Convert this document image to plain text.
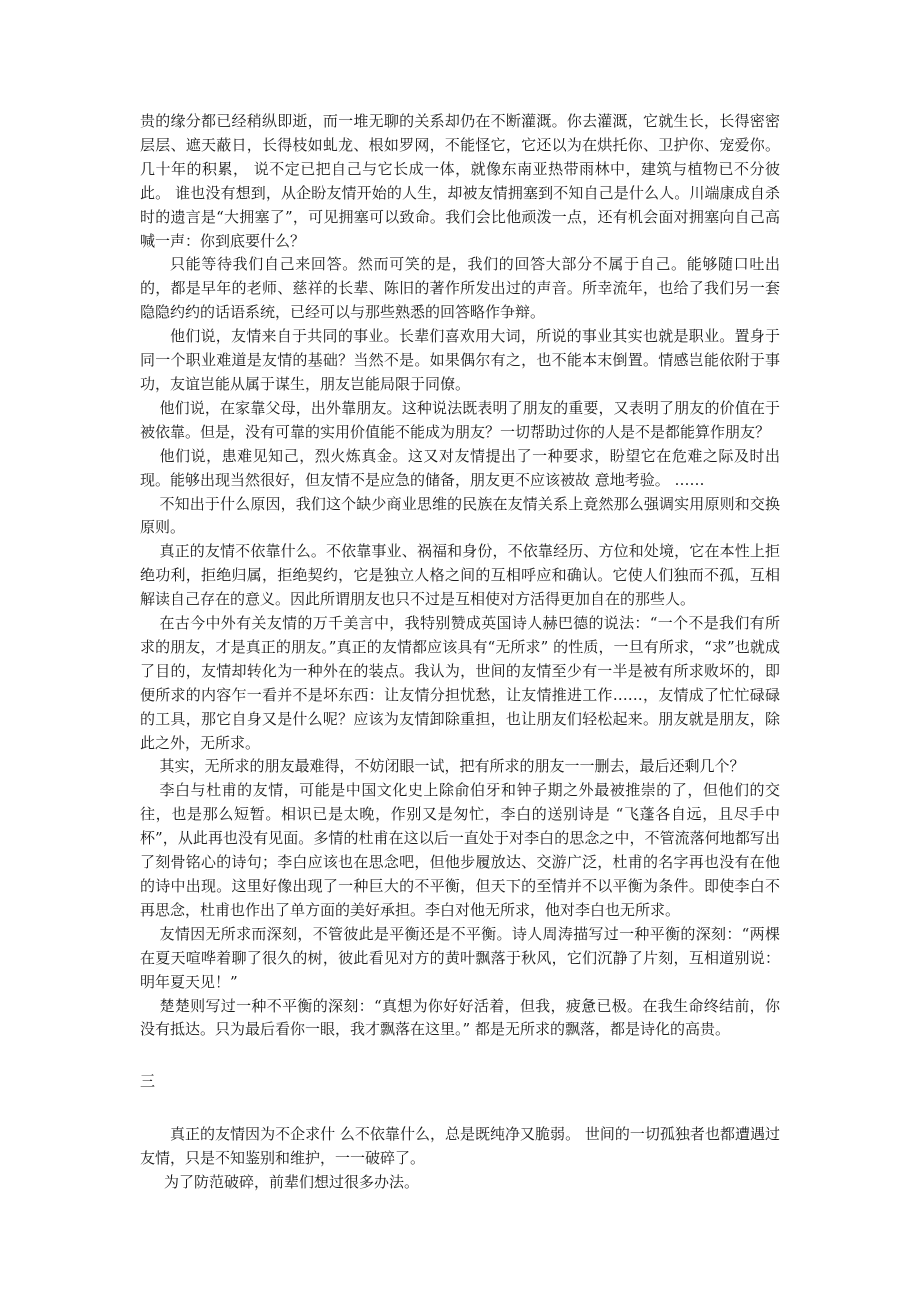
贵的缘分都已经稍纵即逝，而一堆无聊的关系却仍在不断灌溉。你去灌溉，它就生长，长得密密层层、遮天蔽日，长得枝如虬龙、根如罗网，不能怪它，它还以为在烘托你、卫护你、宠爱你。几十年的积累， 说不定已把自己与它长成一体，就像东南亚热带雨林中，建筑与植物已不分彼此。 谁也没有想到，从企盼友情开始的人生，却被友情拥塞到不知自己是什么人。川端康成自杀时的遗言是“大拥塞了”，可见拥塞可以致命。我们会比他顽泼一点，还有机会面对拥塞向自己高喊一声：你到底要什么？

只能等待我们自己来回答。然而可笑的是，我们的回答大部分不属于自己。能够随口吐出的，都是早年的老师、慈祥的长辈、陈旧的著作所发出过的声音。所幸流年，也给了我们另一套隐隐约约的话语系统，已经可以与那些熟悉的回答略作争辩。

他们说，友情来自于共同的事业。长辈们喜欢用大词，所说的事业其实也就是职业。置身于同一个职业难道是友情的基础？当然不是。如果偶尔有之，也不能本末倒置。情感岂能依附于事功，友谊岂能从属于谋生，朋友岂能局限于同僚。

他们说，在家靠父母，出外靠朋友。这种说法既表明了朋友的重要，又表明了朋友的价值在于被依靠。但是，没有可靠的实用价值能不能成为朋友？一切帮助过你的人是不是都能算作朋友？

他们说，患难见知己，烈火炼真金。这又对友情提出了一种要求，盼望它在危难之际及时出现。能够出现当然很好，但友情不是应急的储备，朋友更不应该被故 意地考验。 ……

不知出于什么原因，我们这个缺少商业思维的民族在友情关系上竟然那么强调实用原则和交换原则。

真正的友情不依靠什么。不依靠事业、祸福和身份，不依靠经历、方位和处境，它在本性上拒绝功利，拒绝归属，拒绝契约，它是独立人格之间的互相呼应和确认。它使人们独而不孤，互相解读自己存在的意义。因此所谓朋友也只不过是互相使对方活得更加自在的那些人。

在古今中外有关友情的万千美言中，我特别赞成英国诗人赫巴德的说法：“一个不是我们有所求的朋友，才是真正的朋友。”真正的友情都应该具有“无所求” 的性质，一旦有所求，“求”也就成了目的，友情却转化为一种外在的装点。我认为，世间的友情至少有一半是被有所求败坏的，即便所求的内容乍一看并不是坏东西：让友情分担忧愁，让友情推进工作……，友情成了忙忙碌碌的工具，那它自身又是什么呢？应该为友情卸除重担，也让朋友们轻松起来。朋友就是朋友，除此之外，无所求。

其实，无所求的朋友最难得，不妨闭眼一试，把有所求的朋友一一删去，最后还剩几个？

李白与杜甫的友情，可能是中国文化史上除俞伯牙和钟子期之外最被推崇的了，但他们的交往，也是那么短暂。相识已是太晚，作别又是匆忙，李白的送别诗是 “飞蓬各自远，且尽手中杯”，从此再也没有见面。多情的杜甫在这以后一直处于对李白的思念之中，不管流落何地都写出了刻骨铭心的诗句；李白应该也在思念吧，但他步履放达、交游广泛，杜甫的名字再也没有在他的诗中出现。这里好像出现了一种巨大的不平衡，但天下的至情并不以平衡为条件。即使李白不再思念，杜甫也作出了单方面的美好承担。李白对他无所求，他对李白也无所求。

友情因无所求而深刻，不管彼此是平衡还是不平衡。诗人周涛描写过一种平衡的深刻：“两棵在夏天喧哗着聊了很久的树，彼此看见对方的黄叶飘落于秋风，它们沉静了片刻，互相道别说：明年夏天见！”

楚楚则写过一种不平衡的深刻：“真想为你好好活着，但我，疲惫已极。在我生命终结前，你没有抵达。只为最后看你一眼，我才飘落在这里。” 都是无所求的飘落，都是诗化的高贵。

三

真正的友情因为不企求什 么不依靠什么，总是既纯净又脆弱。 世间的一切孤独者也都遭遇过友情，只是不知鉴别和维护，一一破碎了。

为了防范破碎，前辈们想过很多办法。
